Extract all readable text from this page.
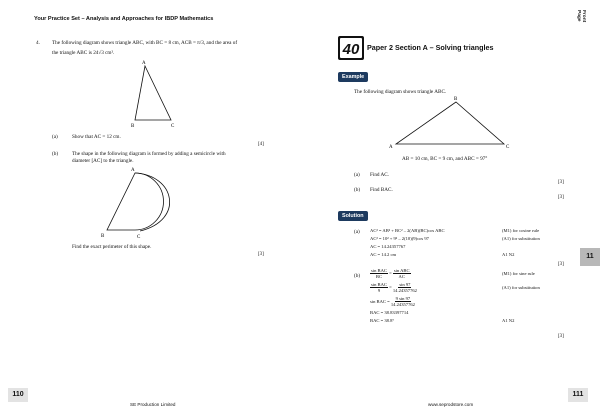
Your Practice Set – Analysis and Approaches for IBDP Mathematics
4. The following diagram shows triangle ABC, with BC = 8 cm, ACB = π/3, and the area of
the triangle ABC is 24√3 cm².
A
B	C
(a)	Show that AC = 12 cm.
[4]
(b)	The shape in the following diagram is formed by adding a semicircle with
diameter [AC] to the triangle.
A
B	C
Find the exact perimeter of this shape.
[3]
110
SE Production Limited
Front Page
40 Paper 2 Section A – Solving triangles
Example
The following diagram shows triangle ABC.
A
B
C
AB = 10 cm, BC = 9 cm, and ABC = 97°
(a) Find AC.
[3]
(b) Find BAC.
[3]
Solution
(a) AC² = AB² + BC² – 2(AB)(BC)cos ABC	(M1) for cosine rule
AC² = 10² + 9² – 2(10)(9)cos 97	(A1) for substitution
AC = 14.24357767
AC = 14.2 cm	A1 N2
[3]
$(b) \frac{\text{sin BAC}}{BC} = \frac{\text{sin ABC}}{AC}$	(M1) for sine rule
$\frac{\text{sin BAC}}{9} = \frac{\sin 97}{14.24357762}$	(A1) for substitution
sin BAC =
$\frac{9 \sin 97}{14.24357762}$
BAC = 38.83397714
BAC = 38.8°	A1 N2
[3]
11
111
www.seprodstore.com
